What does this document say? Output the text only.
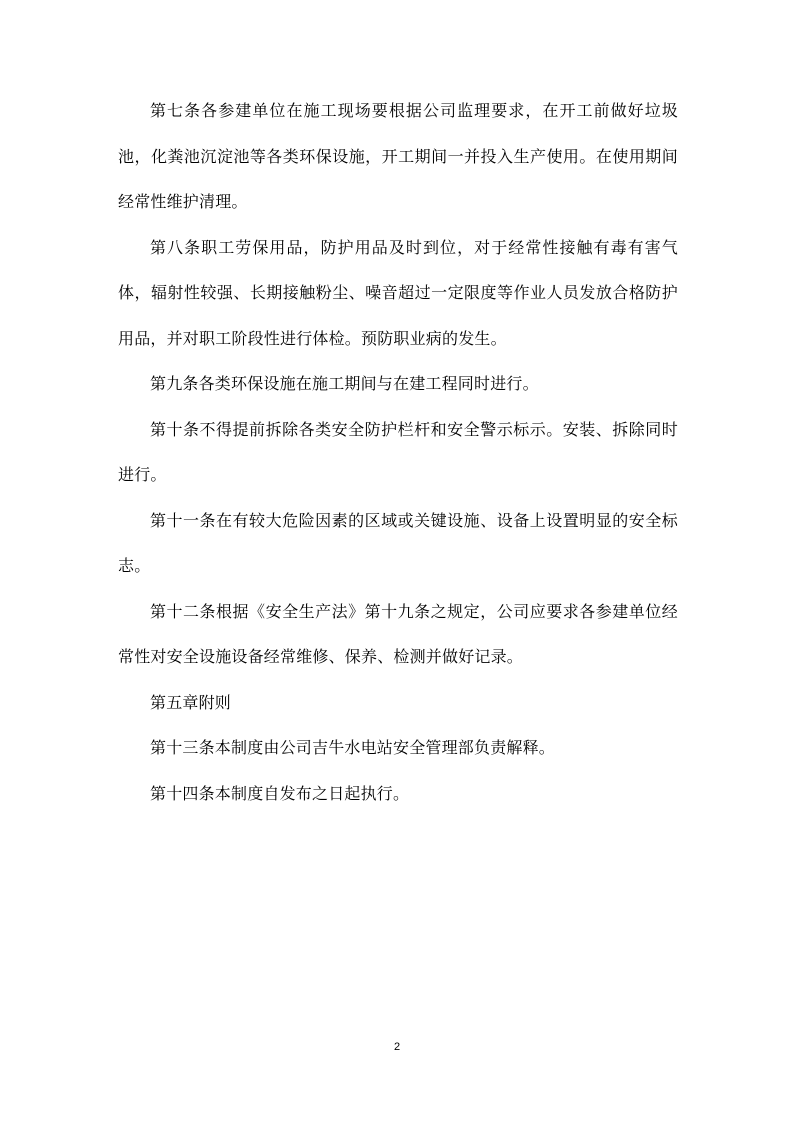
第七条各参建单位在施工现场要根据公司监理要求，在开工前做好垃圾池，化粪池沉淀池等各类环保设施，开工期间一并投入生产使用。在使用期间经常性维护清理。

第八条职工劳保用品，防护用品及时到位，对于经常性接触有毒有害气体，辐射性较强、长期接触粉尘、噪音超过一定限度等作业人员发放合格防护用品，并对职工阶段性进行体检。预防职业病的发生。

第九条各类环保设施在施工期间与在建工程同时进行。

第十条不得提前拆除各类安全防护栏杆和安全警示标示。安装、拆除同时进行。

第十一条在有较大危险因素的区域或关键设施、设备上设置明显的安全标志。

第十二条根据《安全生产法》第十九条之规定，公司应要求各参建单位经常性对安全设施设备经常维修、保养、检测并做好记录。

第五章附则

第十三条本制度由公司吉牛水电站安全管理部负责解释。

第十四条本制度自发布之日起执行。

2
